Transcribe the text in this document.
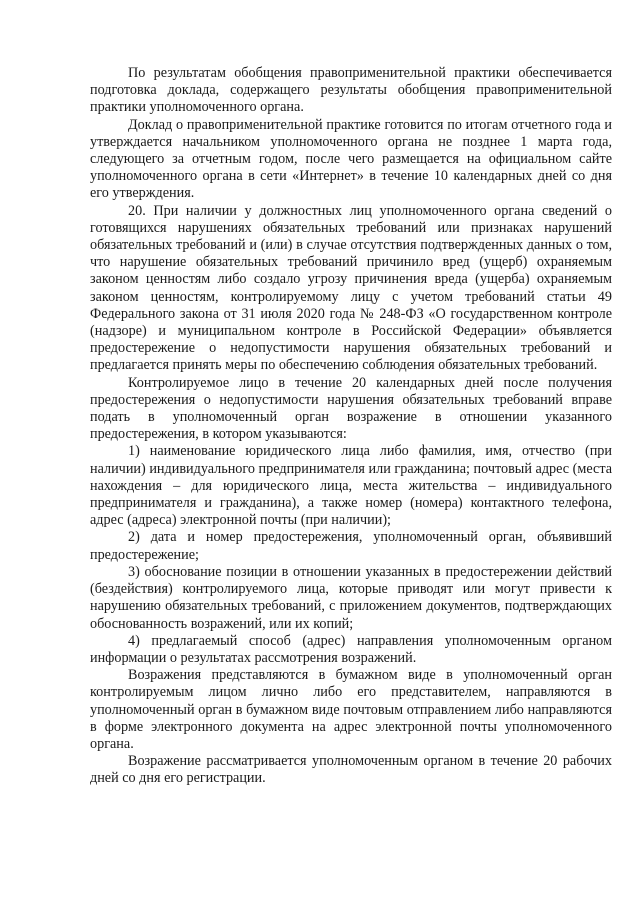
По результатам обобщения правоприменительной практики обеспечивается подготовка доклада, содержащего результаты обобщения правоприменительной практики уполномоченного органа.

Доклад о правоприменительной практике готовится по итогам отчетного года и утверждается начальником уполномоченного органа не позднее 1 марта года, следующего за отчетным годом, после чего размещается на официальном сайте уполномоченного органа в сети «Интернет» в течение 10 календарных дней со дня его утверждения.

20. При наличии у должностных лиц уполномоченного органа сведений о готовящихся нарушениях обязательных требований или признаках нарушений обязательных требований и (или) в случае отсутствия подтвержденных данных о том, что нарушение обязательных требований причинило вред (ущерб) охраняемым законом ценностям либо создало угрозу причинения вреда (ущерба) охраняемым законом ценностям, контролируемому лицу с учетом требований статьи 49 Федерального закона от 31 июля 2020 года № 248-ФЗ «О государственном контроле (надзоре) и муниципальном контроле в Российской Федерации» объявляется предостережение о недопустимости нарушения обязательных требований и предлагается принять меры по обеспечению соблюдения обязательных требований.

Контролируемое лицо в течение 20 календарных дней после получения предостережения о недопустимости нарушения обязательных требований вправе подать в уполномоченный орган возражение в отношении указанного предостережения, в котором указываются:

1) наименование юридического лица либо фамилия, имя, отчество (при наличии) индивидуального предпринимателя или гражданина; почтовый адрес (места нахождения – для юридического лица, места жительства – индивидуального предпринимателя и гражданина), а также номер (номера) контактного телефона, адрес (адреса) электронной почты (при наличии);

2) дата и номер предостережения, уполномоченный орган, объявивший предостережение;

3) обоснование позиции в отношении указанных в предостережении действий (бездействия) контролируемого лица, которые приводят или могут привести к нарушению обязательных требований, с приложением документов, подтверждающих обоснованность возражений, или их копий;

4) предлагаемый способ (адрес) направления уполномоченным органом информации о результатах рассмотрения возражений.

Возражения представляются в бумажном виде в уполномоченный орган контролируемым лицом лично либо его представителем, направляются в уполномоченный орган в бумажном виде почтовым отправлением либо направляются в форме электронного документа на адрес электронной почты уполномоченного органа.

Возражение рассматривается уполномоченным органом в течение 20 рабочих дней со дня его регистрации.
